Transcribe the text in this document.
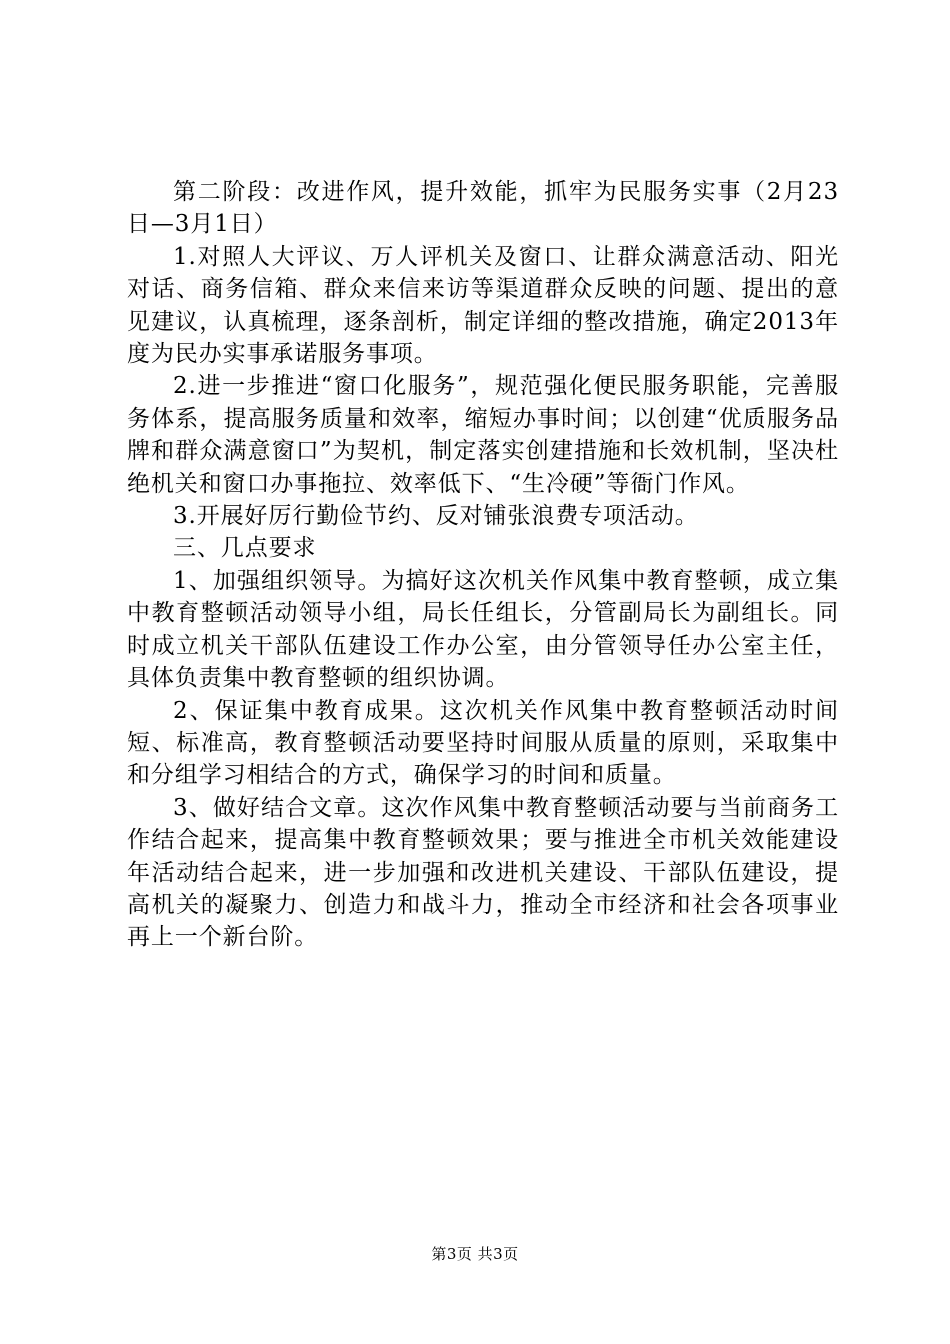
第二阶段：改进作风，提升效能，抓牢为民服务实事（2月23日—3月1日）

1.对照人大评议、万人评机关及窗口、让群众满意活动、阳光对话、商务信箱、群众来信来访等渠道群众反映的问题、提出的意见建议，认真梳理，逐条剖析，制定详细的整改措施，确定2013年度为民办实事承诺服务事项。

2.进一步推进“窗口化服务”，规范强化便民服务职能，完善服务体系，提高服务质量和效率，缩短办事时间；以创建“优质服务品牌和群众满意窗口”为契机，制定落实创建措施和长效机制，坚决杜绝机关和窗口办事拖拉、效率低下、“生冷硬”等衙门作风。

3.开展好厉行勤俭节约、反对铺张浪费专项活动。

三、几点要求

1、加强组织领导。为搞好这次机关作风集中教育整顿，成立集中教育整顿活动领导小组，局长任组长，分管副局长为副组长。同时成立机关干部队伍建设工作办公室，由分管领导任办公室主任，具体负责集中教育整顿的组织协调。

2、保证集中教育成果。这次机关作风集中教育整顿活动时间短、标准高，教育整顿活动要坚持时间服从质量的原则，采取集中和分组学习相结合的方式，确保学习的时间和质量。

3、做好结合文章。这次作风集中教育整顿活动要与当前商务工作结合起来，提高集中教育整顿效果；要与推进全市机关效能建设年活动结合起来，进一步加强和改进机关建设、干部队伍建设，提高机关的凝聚力、创造力和战斗力，推动全市经济和社会各项事业再上一个新台阶。

第3页 共3页
